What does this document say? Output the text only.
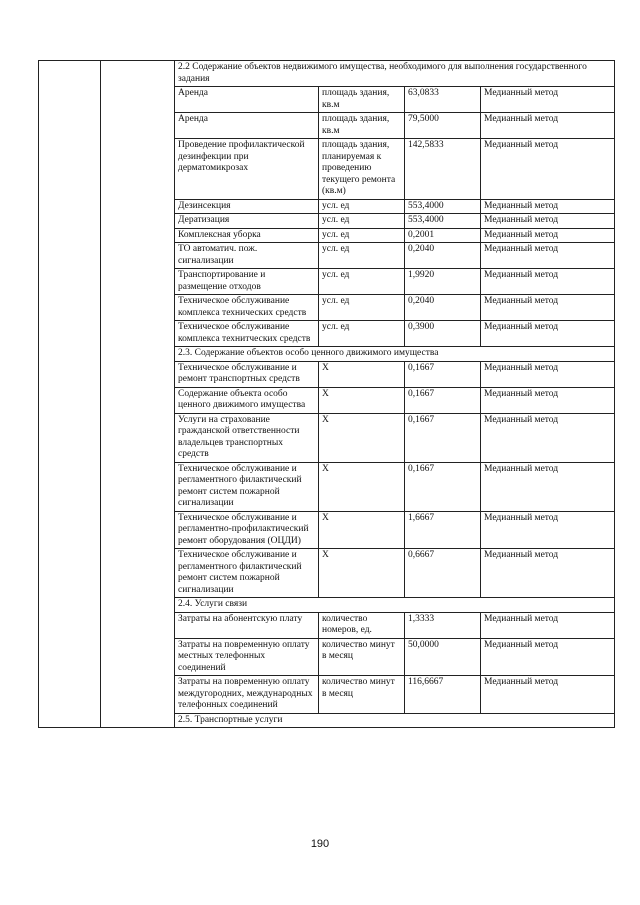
		2.2 Содержание объектов недвижимого имущества, необходимого для выполнения государственного задания			
		Аренда	площадь здания, кв.м	63,0833	Медианный метод
		Аренда	площадь здания, кв.м	79,5000	Медианный метод
		Проведение профилактической дезинфекции при дерматомикрозах	площадь здания, планируемая к проведению текущего ремонта (кв.м)	142,5833	Медианный метод
		Дезинсекция	усл. ед	553,4000	Медианный метод
		Дератизация	усл. ед	553,4000	Медианный метод
		Комплексная уборка	усл. ед	0,2001	Медианный метод
		ТО автоматич. пож. сигнализации	усл. ед	0,2040	Медианный метод
		Транспортирование и размещение отходов	усл. ед	1,9920	Медианный метод
		Техническое обслуживание комплекса технических средств	усл. ед	0,2040	Медианный метод
		Техническое обслуживание комплекса технитческих средств	усл. ед	0,3900	Медианный метод
		2.3. Содержание объектов особо ценного движимого имущества			
		Техническое обслуживание и ремонт транспортных средств	X	0,1667	Медианный метод
		Содержание объекта особо ценного движимого имущества	X	0,1667	Медианный метод
		Услуги на страхование гражданской ответственности владельцев транспортных средств	X	0,1667	Медианный метод
		Техническое обслуживание и регламентного филактический ремонт систем пожарной сигнализации	X	0,1667	Медианный метод
		Техническое обслуживание и регламентно-профилактический ремонт оборудования (ОЦДИ)	X	1,6667	Медианный метод
		Техническое обслуживание и регламентного филактический ремонт систем пожарной сигнализации	X	0,6667	Медианный метод
		2.4. Услуги связи			
		Затраты на абонентскую плату	количество номеров, ед.	1,3333	Медианный метод
		Затраты на повременную оплату местных телефонных соединений	количество минут в месяц	50,0000	Медианный метод
		Затраты на повременную оплату междугородних, международных телефонных соединений	количество минут в месяц	116,6667	Медианный метод
		2.5. Транспортные услуги			
190
